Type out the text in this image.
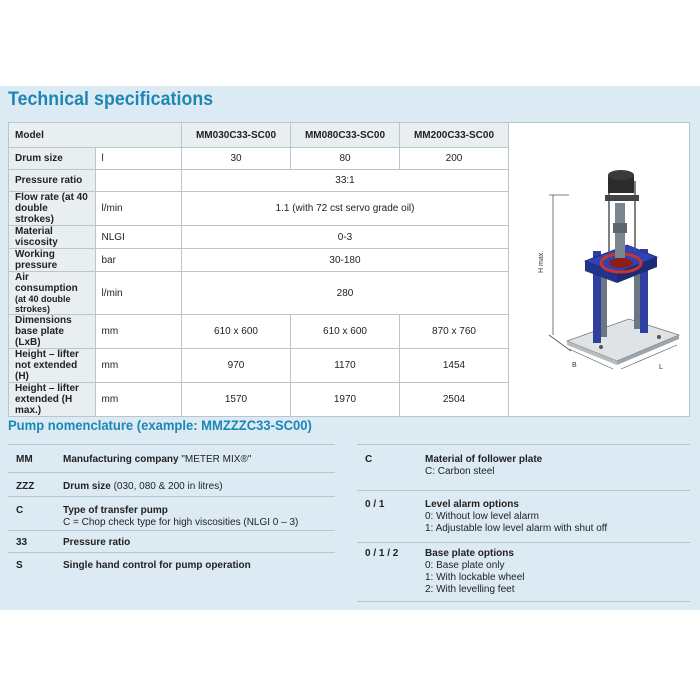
Technical specifications
Model		MM030C33-SC00	MM080C33-SC00	MM200C33-SC00	H max.
B L

Drum size	l	30	80	200	
Pressure ratio		33:1			
Flow rate (at 40 double strokes)	l/min	1.1 (with 72 cst servo grade oil)			
Material viscosity	NLGI	0-3			
Working pressure	bar	30-180			

Air consumption
(at 40 double strokes)	l/min	280			
Dimensions base plate (LxB)	mm	610 x 600	610 x 600	870 x 760	
Height – lifter not extended (H)	mm	970	1170	1454	
Height – lifter extended (H max.)	mm	1570	1970	2504	
Pump nomenclature (example: MMZZZC33-SC00)
MM	Manufacturing company "METER MIX®"
ZZZ	Drum size (030, 080 & 200 in litres)
C	Type of transfer pump
C = Chop check type for high viscosities (NLGI 0 – 3)
33	Pressure ratio
S	Single hand control for pump operation
C	Material of follower plate
C: Carbon steel
0 / 1	Level alarm options
0: Without low level alarm
1: Adjustable low level alarm with shut off
0 / 1 / 2	Base plate options
0: Base plate only
1: With lockable wheel
2: With levelling feet
